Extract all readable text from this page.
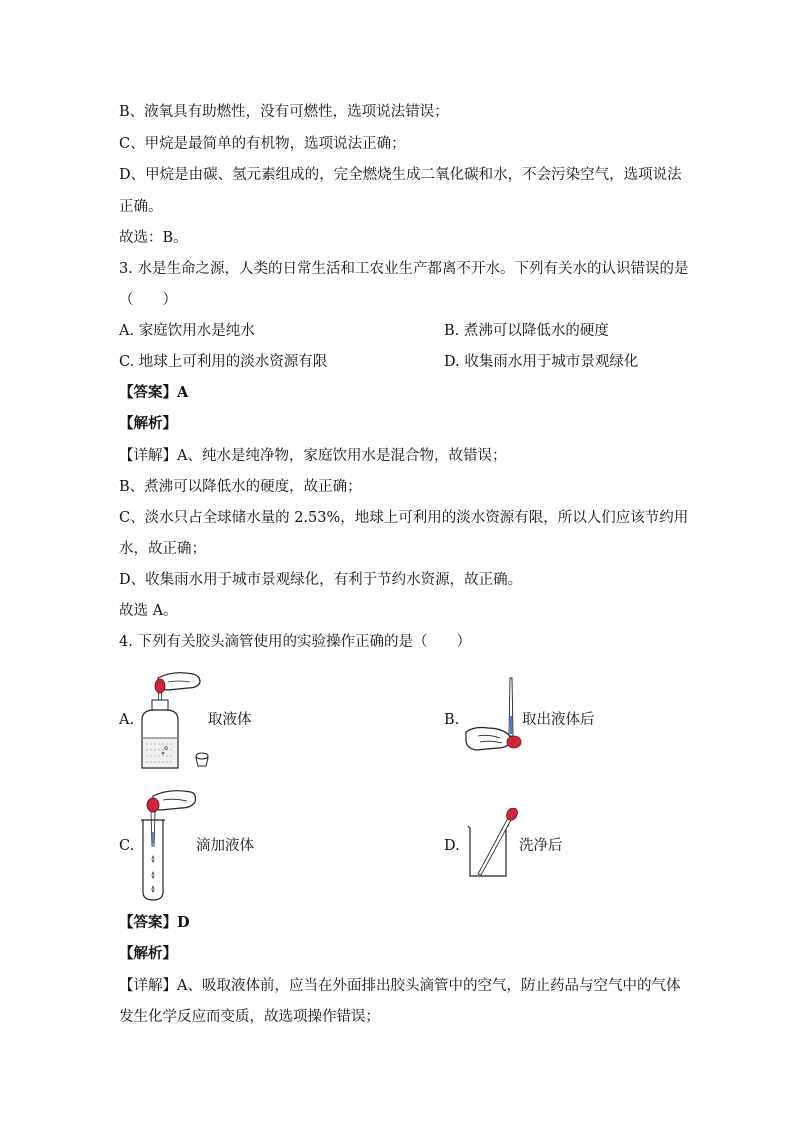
B、液氧具有助燃性，没有可燃性，选项说法错误；
C、甲烷是最简单的有机物，选项说法正确；
D、甲烷是由碳、氢元素组成的，完全燃烧生成二氧化碳和水，不会污染空气，选项说法
正确。
故选：B。
3. 水是生命之源，人类的日常生活和工农业生产都离不开水。下列有关水的认识错误的是
（　　）
A. 家庭饮用水是纯水	B. 煮沸可以降低水的硬度
C. 地球上可利用的淡水资源有限	D. 收集雨水用于城市景观绿化
【答案】A
【解析】
【详解】A、纯水是纯净物，家庭饮用水是混合物，故错误；
B、煮沸可以降低水的硬度，故正确；
C、淡水只占全球储水量的 2.53%，地球上可利用的淡水资源有限，所以人们应该节约用
水，故正确；
D、收集雨水用于城市景观绿化，有利于节约水资源，故正确。
故选 A。
4. 下列有关胶头滴管使用的实验操作正确的是（　　）
A.	取液体	B.	取出液体后
C.	滴加液体	D.	洗净后
【答案】D
【解析】
【详解】A、吸取液体前，应当在外面排出胶头滴管中的空气，防止药品与空气中的气体
发生化学反应而变质，故选项操作错误；
